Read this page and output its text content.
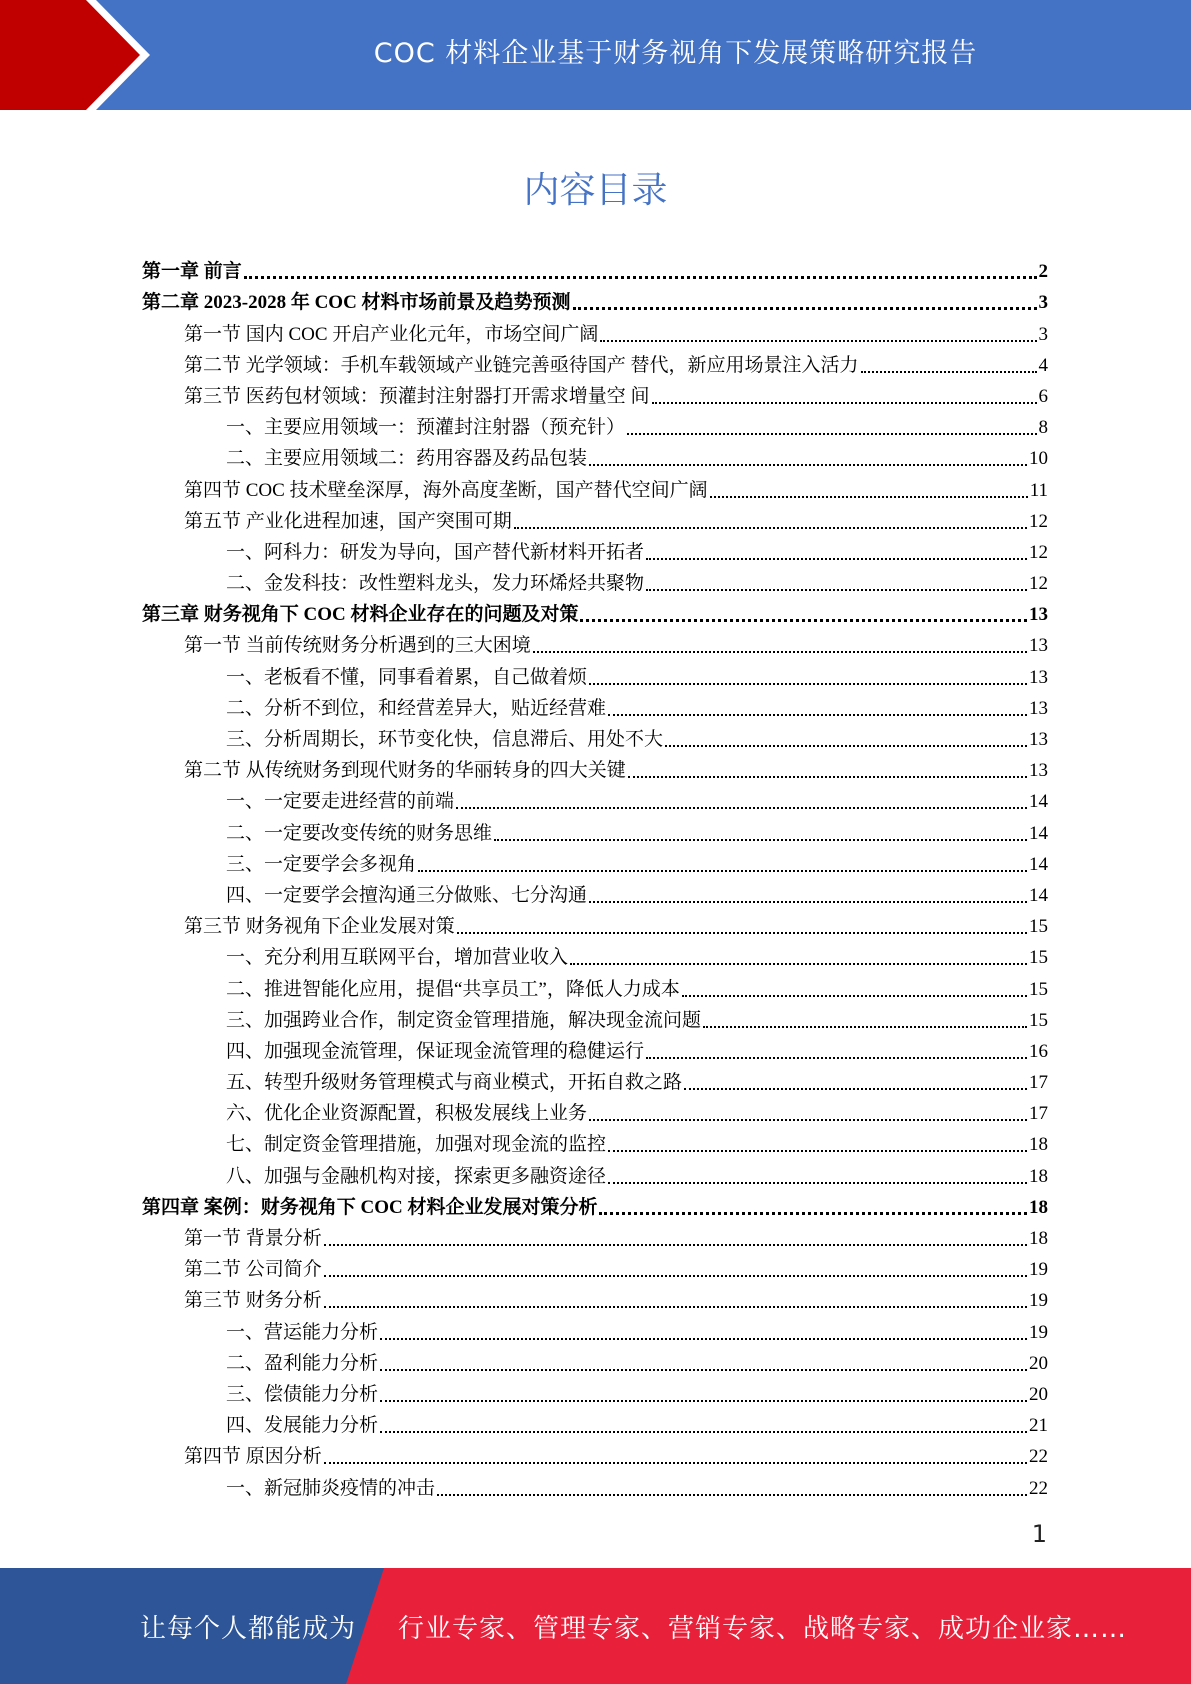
COC 材料企业基于财务视角下发展策略研究报告
内容目录
第一章 前言	2
第二章 2023-2028 年 COC 材料市场前景及趋势预测	3
第一节 国内 COC 开启产业化元年，市场空间广阔	3
第二节 光学领域：手机车载领域产业链完善亟待国产 替代，新应用场景注入活力	4
第三节 医药包材领域：预灌封注射器打开需求增量空 间	6
一、主要应用领域一：预灌封注射器（预充针）	8
二、主要应用领域二：药用容器及药品包装	10
第四节 COC 技术壁垒深厚，海外高度垄断，国产替代空间广阔	11
第五节 产业化进程加速，国产突围可期	12
一、阿科力：研发为导向，国产替代新材料开拓者	12
二、金发科技：改性塑料龙头，发力环烯烃共聚物	12
第三章 财务视角下 COC 材料企业存在的问题及对策	13
第一节 当前传统财务分析遇到的三大困境	13
一、老板看不懂，同事看着累，自己做着烦	13
二、分析不到位，和经营差异大，贴近经营难	13
三、分析周期长，环节变化快，信息滞后、用处不大	13
第二节 从传统财务到现代财务的华丽转身的四大关键	13
一、一定要走进经营的前端	14
二、一定要改变传统的财务思维	14
三、一定要学会多视角	14
四、一定要学会擅沟通三分做账、七分沟通	14
第三节 财务视角下企业发展对策	15
一、充分利用互联网平台，增加营业收入	15
二、推进智能化应用，提倡“共享员工”，降低人力成本	15
三、加强跨业合作，制定资金管理措施，解决现金流问题	15
四、加强现金流管理，保证现金流管理的稳健运行	16
五、转型升级财务管理模式与商业模式，开拓自救之路	17
六、优化企业资源配置，积极发展线上业务	17
七、制定资金管理措施，加强对现金流的监控	18
八、加强与金融机构对接，探索更多融资途径	18
第四章 案例：财务视角下 COC 材料企业发展对策分析	18
第一节 背景分析	18
第二节 公司简介	19
第三节 财务分析	19
一、营运能力分析	19
二、盈利能力分析	20
三、偿债能力分析	20
四、发展能力分析	21
第四节 原因分析	22
一、新冠肺炎疫情的冲击	22
1
让每个人都能成为 行业专家、管理专家、营销专家、战略专家、成功企业家……
